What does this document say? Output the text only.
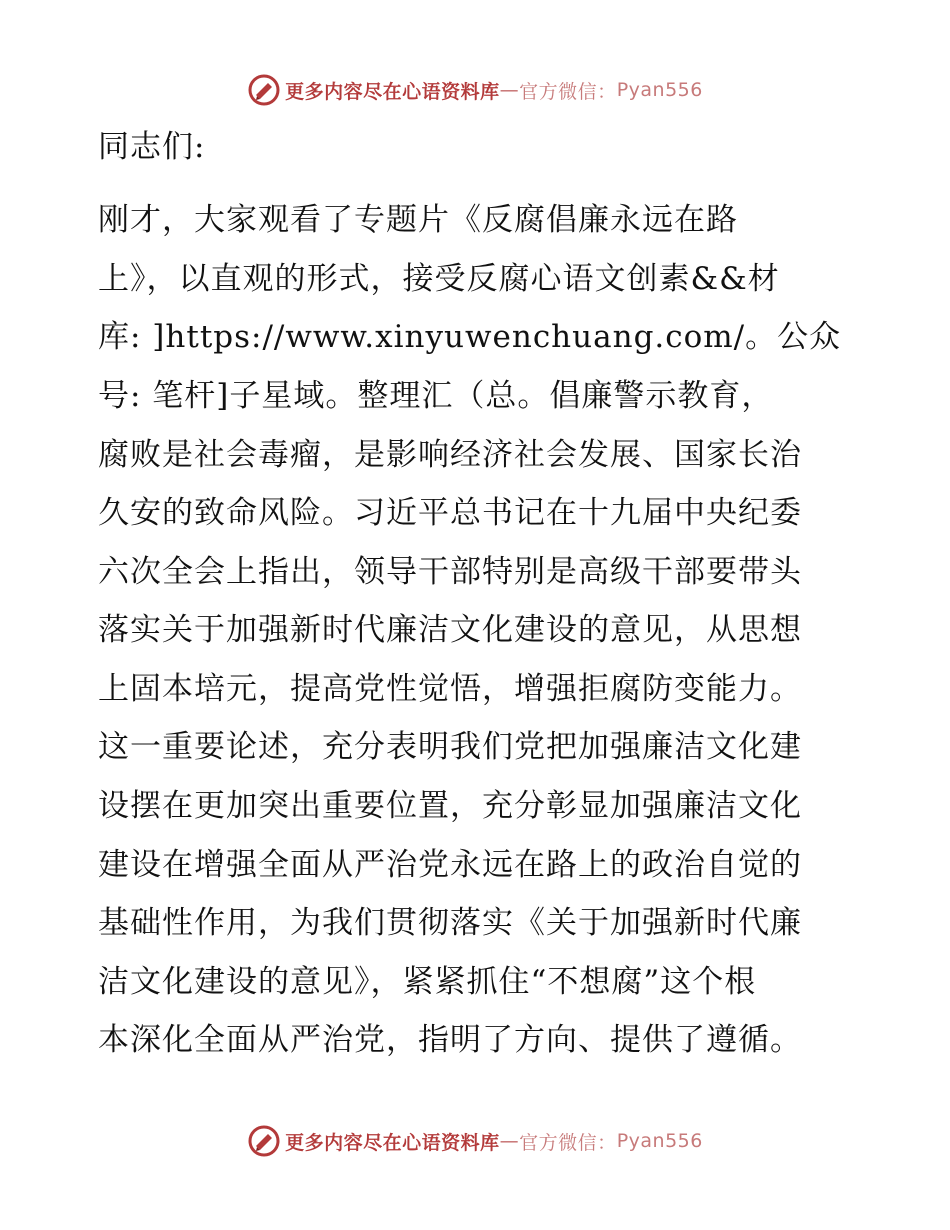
更多内容尽在心语资料库 — 官方微信： Pyan556
同志们:
刚才，大家观看了专题片《反腐倡廉永远在路
上》，以直观的形式，接受反腐心语文创素&&材
库: ]https://www.xinyuwenchuang.com/。公众
号: 笔杆]子星域。整理汇（总。倡廉警示教育，
腐败是社会毒瘤，是影响经济社会发展、国家长治
久安的致命风险。习近平总书记在十九届中央纪委
六次全会上指出，领导干部特别是高级干部要带头
落实关于加强新时代廉洁文化建设的意见，从思想
上固本培元，提高党性觉悟，增强拒腐防变能力。
这一重要论述，充分表明我们党把加强廉洁文化建
设摆在更加突出重要位置，充分彰显加强廉洁文化
建设在增强全面从严治党永远在路上的政治自觉的
基础性作用，为我们贯彻落实《关于加强新时代廉
洁文化建设的意见》，紧紧抓住“不想腐”这个根
本深化全面从严治党，指明了方向、提供了遵循。
更多内容尽在心语资料库 — 官方微信： Pyan556
